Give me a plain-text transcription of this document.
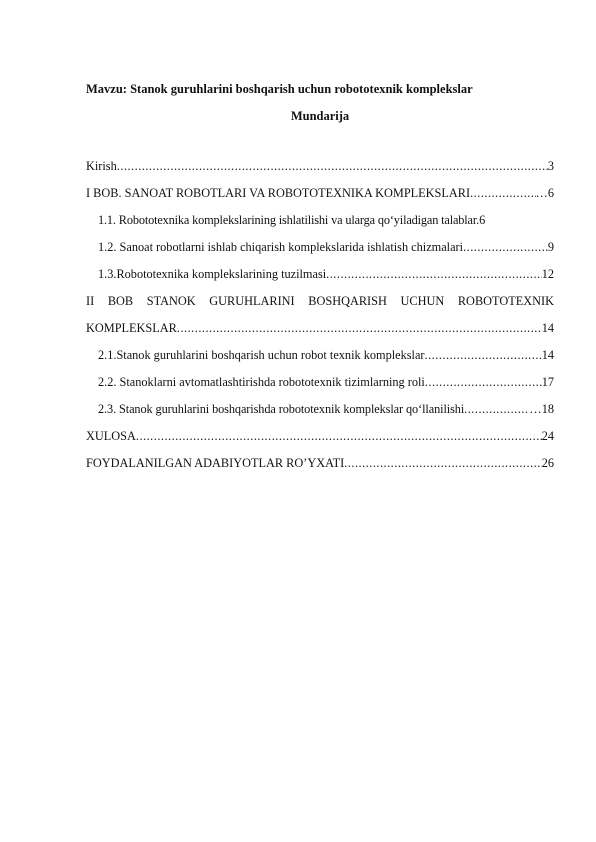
Mavzu: Stanok guruhlarini boshqarish uchun robototexnik komplekslar
Mundarija
Kirish .....	3
I BOB. SANOAT ROBOTLARI VA ROBOTOTEXNIKA KOMPLEKSLARI .....	…6
1.1. Robototexnika komplekslarining ishlatilishi va ularga qo‘yiladigan talablar. 6
1.2. Sanoat robotlarni ishlab chiqarish komplekslarida ishlatish chizmalari .....	9
1.3.Robototexnika komplekslarining tuzilmasi .....	12
II BOB STANOK GURUHLARINI BOSHQARISH UCHUN ROBOTOTEXNIK
KOMPLEKSLAR .....	14
2.1.Stanok guruhlarini boshqarish uchun robot texnik komplekslar .....	14
2.2. Stanoklarni avtomatlashtirishda robototexnik tizimlarning roli .....	17
2.3. Stanok guruhlarini boshqarishda robototexnik komplekslar qo‘llanilishi .....	…18
XULOSA .....	24
FOYDALANILGAN ADABIYOTLAR RO’YXATI .....	26
